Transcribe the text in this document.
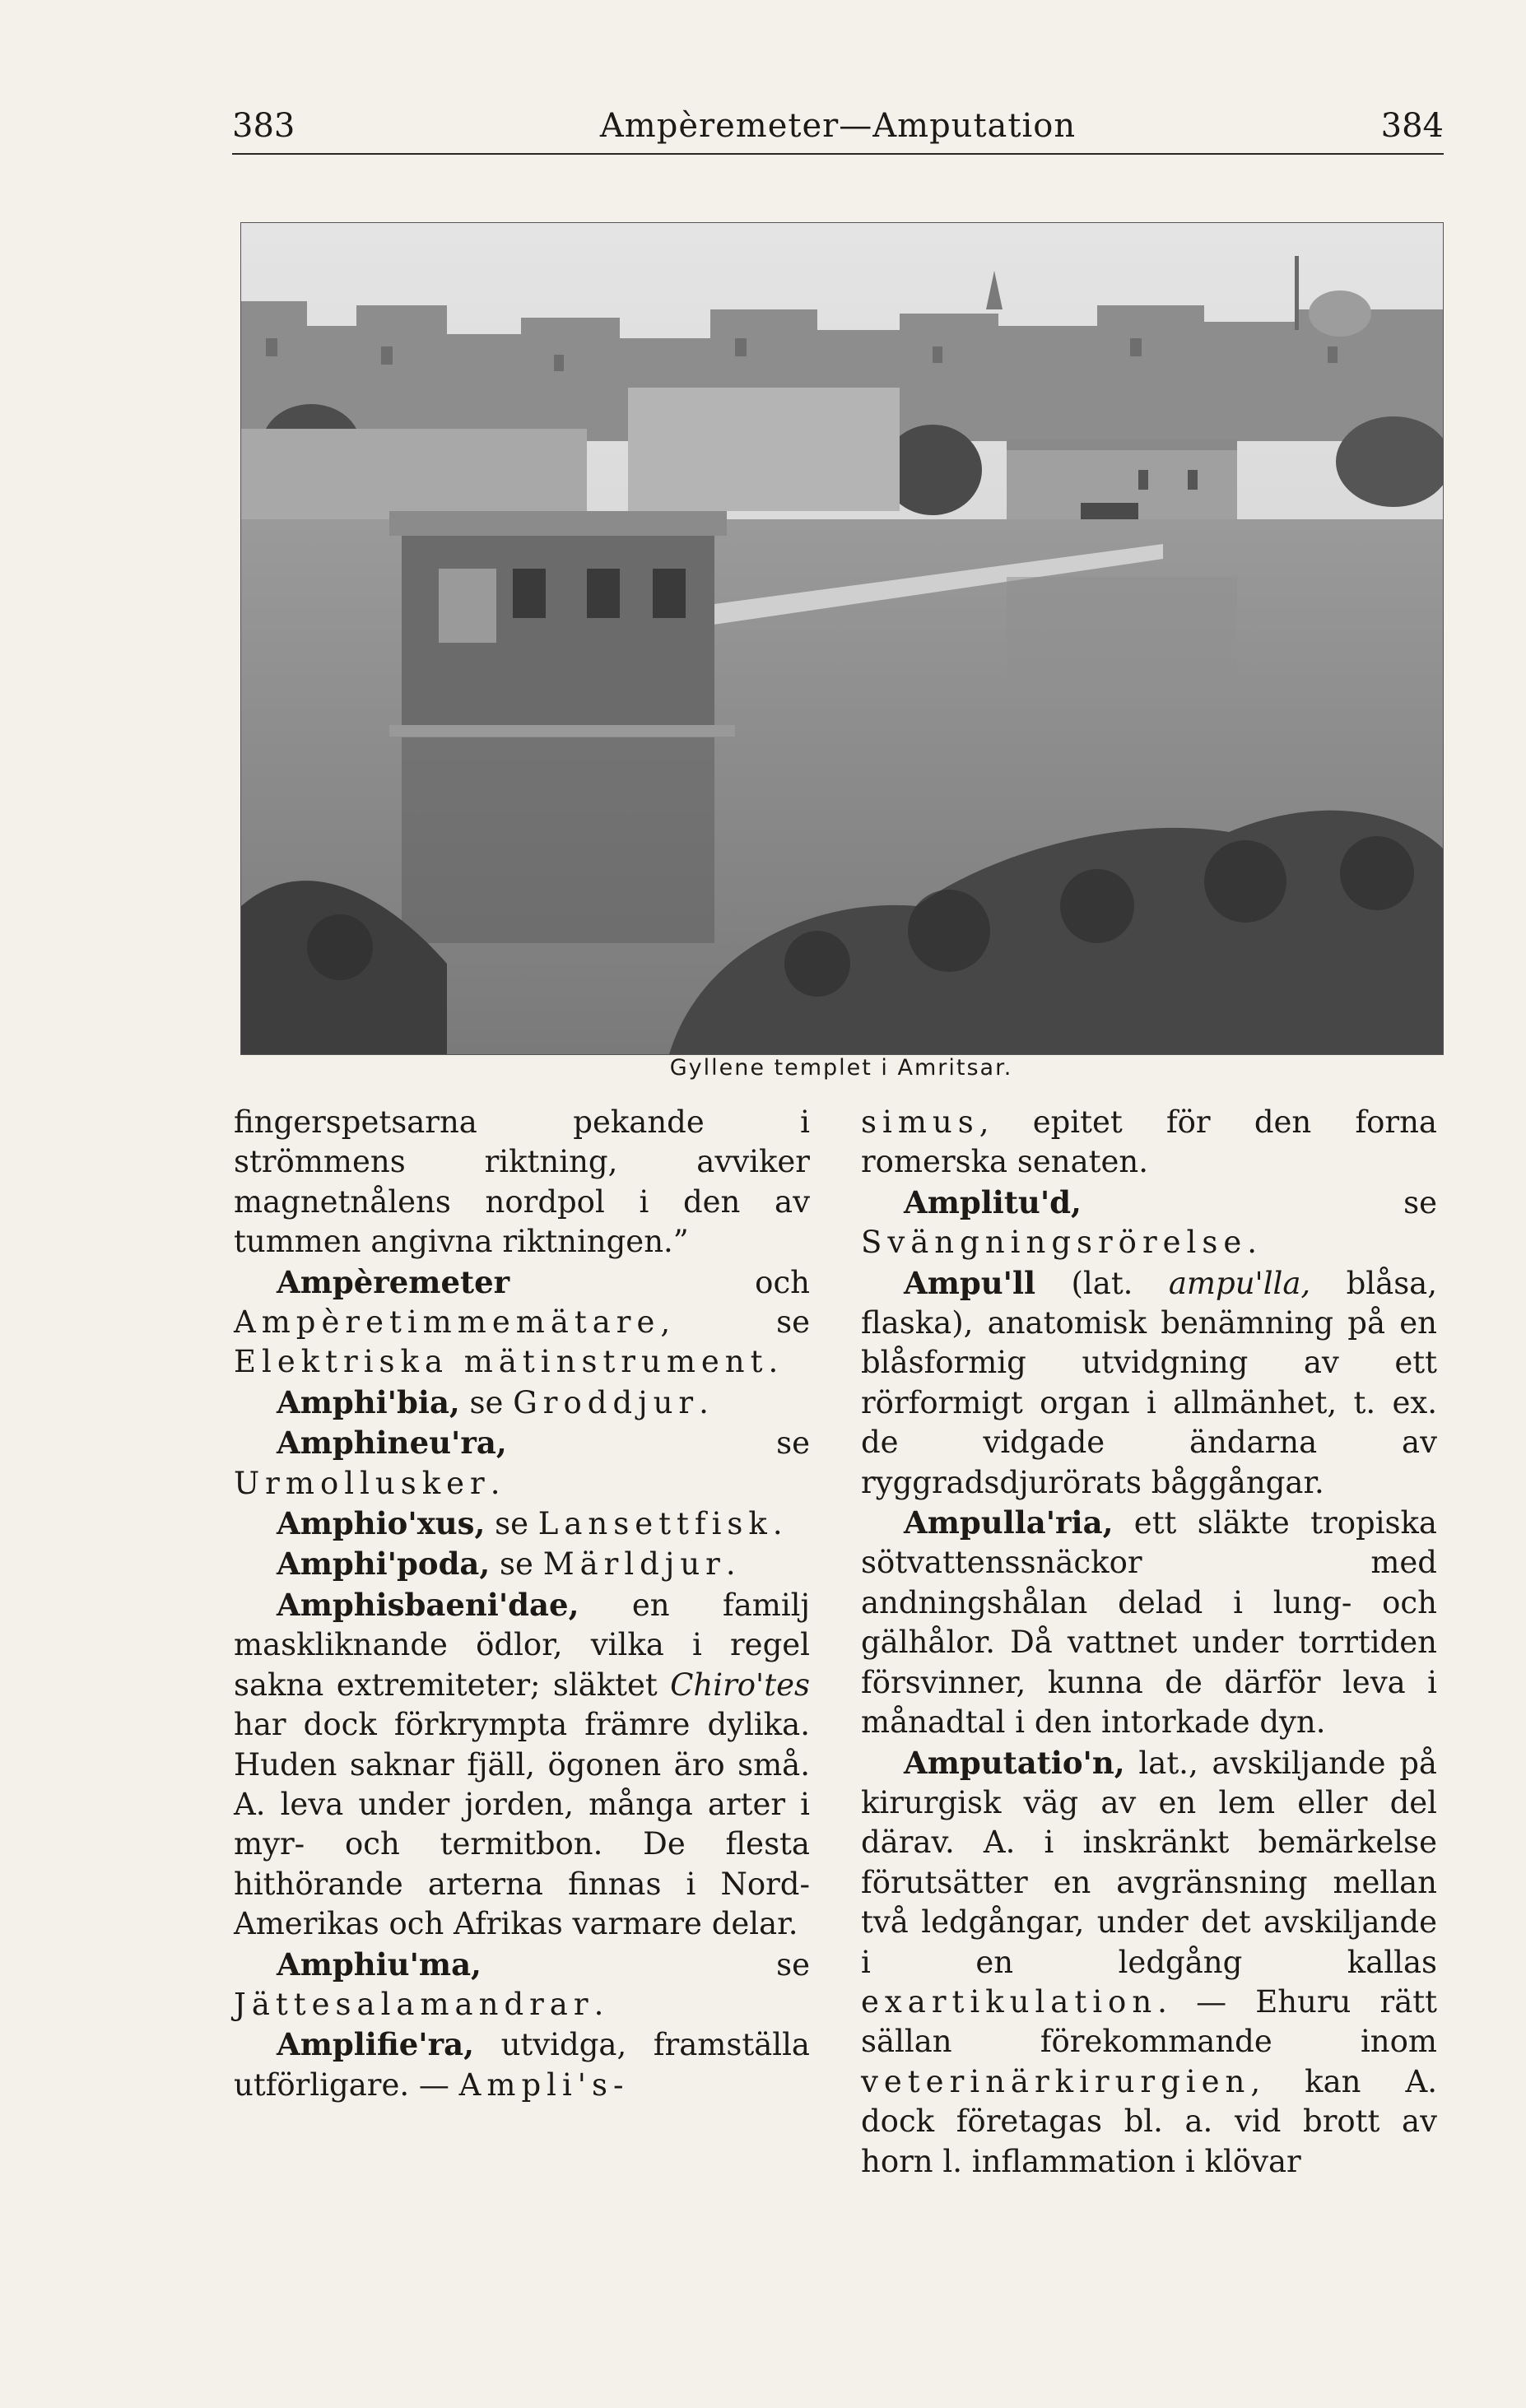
383	Ampèremeter—Amputation	384
Gyllene templet i Amritsar.

fingerspetsarna pekande i strömmens riktning, avviker magnetnålens nordpol i den av tummen angivna riktningen.”

Ampèremeter och Ampèretimmemätare, se Elektriska mätinstrument.

Amphi'bia, se Groddjur.

Amphineu'ra, se Urmollusker.

Amphio'xus, se Lansettfisk.

Amphi'poda, se Märldjur.

Amphisbaeni'dae, en familj maskliknande ödlor, vilka i regel sakna extremiteter; släktet Chiro'tes har dock förkrympta främre dylika. Huden saknar fjäll, ögonen äro små. A. leva under jorden, många arter i myr- och termitbon. De flesta hithörande arterna finnas i Nord-Amerikas och Afrikas varmare delar.

Amphiu'ma, se Jättesalamandrar.

Amplifie'ra, utvidga, framställa utförligare. — Ampli's-

simus, epitet för den forna romerska senaten.

Amplitu'd, se Svängningsrörelse.

Ampu'll (lat. ampu'lla, blåsa, flaska), anatomisk benämning på en blåsformig utvidgning av ett rörformigt organ i allmänhet, t. ex. de vidgade ändarna av ryggradsdjurörats båggångar.

Ampulla'ria, ett släkte tropiska sötvattenssnäckor med andningshålan delad i lung- och gälhålor. Då vattnet under torrtiden försvinner, kunna de därför leva i månadtal i den intorkade dyn.

Amputatio'n, lat., avskiljande på kirurgisk väg av en lem eller del därav. A. i inskränkt bemärkelse förutsätter en avgränsning mellan två ledgångar, under det avskiljande i en ledgång kallas exartikulation. — Ehuru rätt sällan förekommande inom veterinärkirurgien, kan A. dock företagas bl. a. vid brott av horn l. inflammation i klövar
